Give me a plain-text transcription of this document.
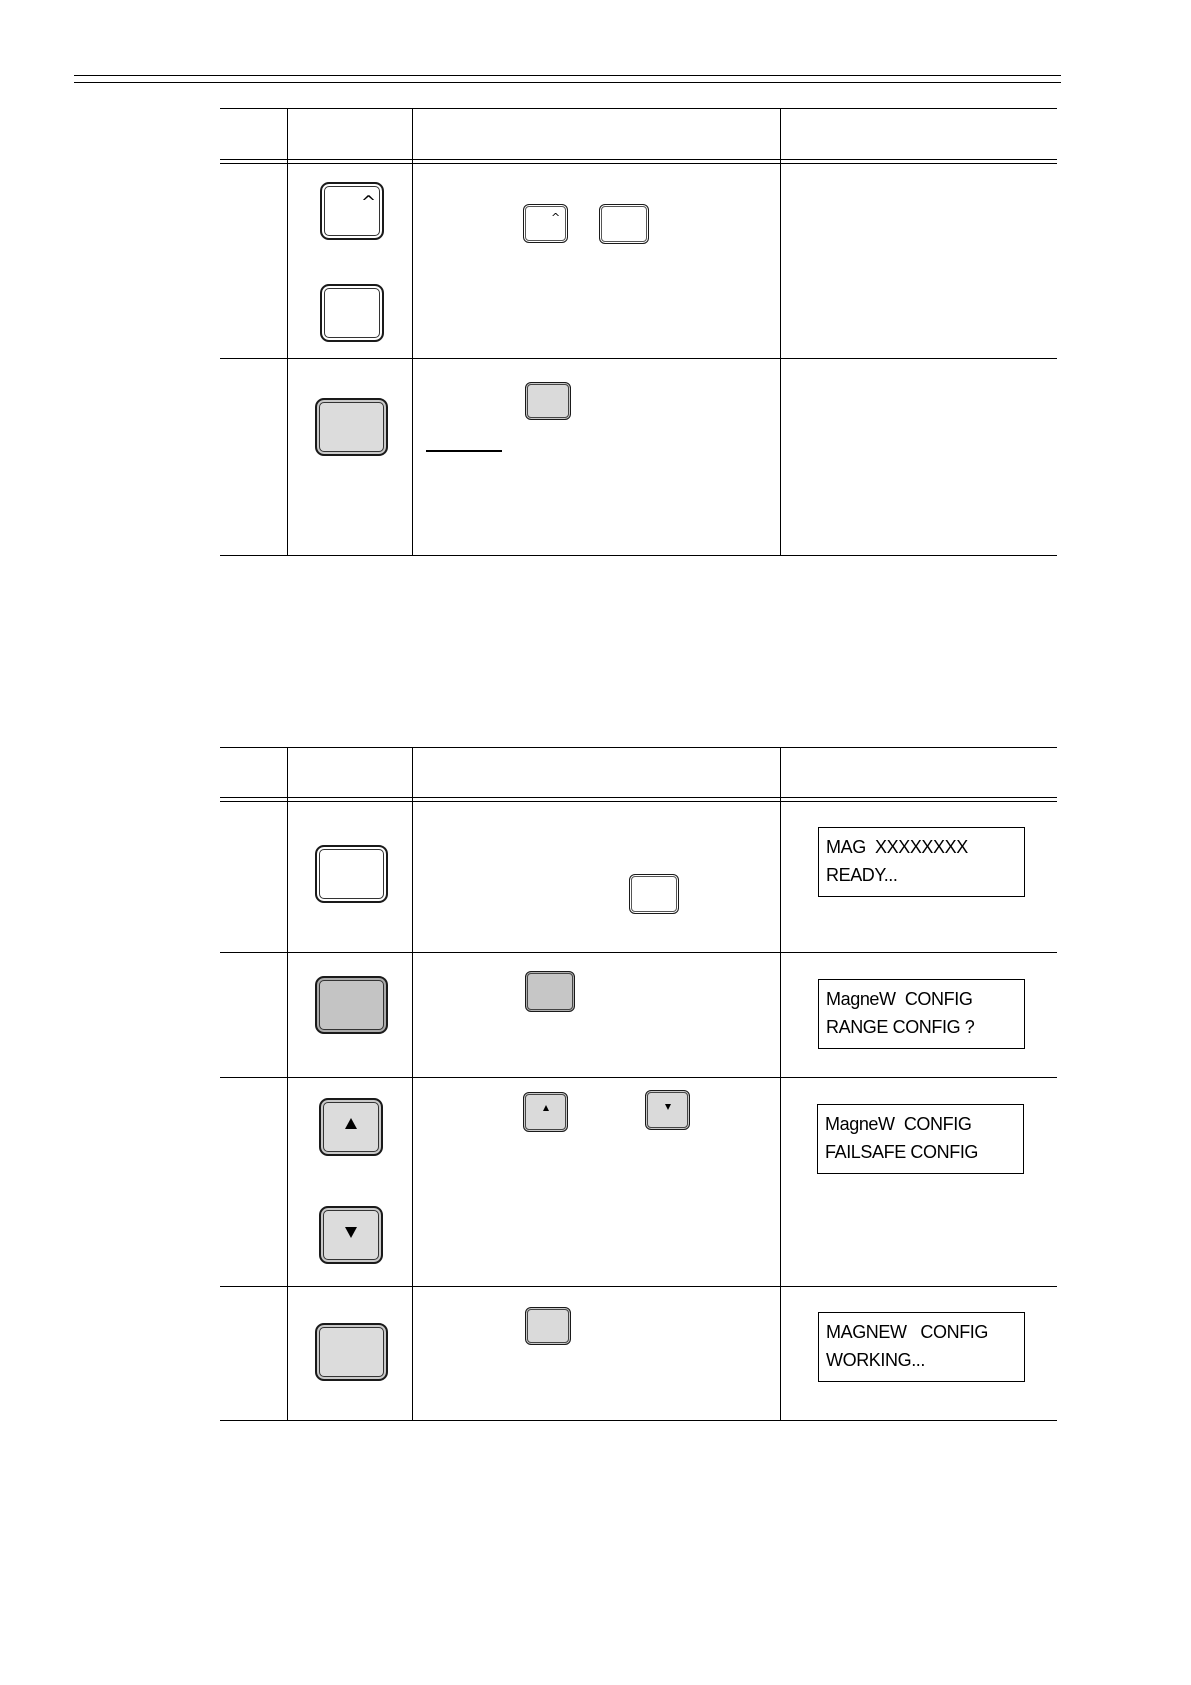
^
^
MAG  XXXXXXXX
READY...
MagneW  CONFIG
RANGE CONFIG ?
MagneW  CONFIG
FAILSAFE CONFIG
MAGNEW   CONFIG
WORKING...
